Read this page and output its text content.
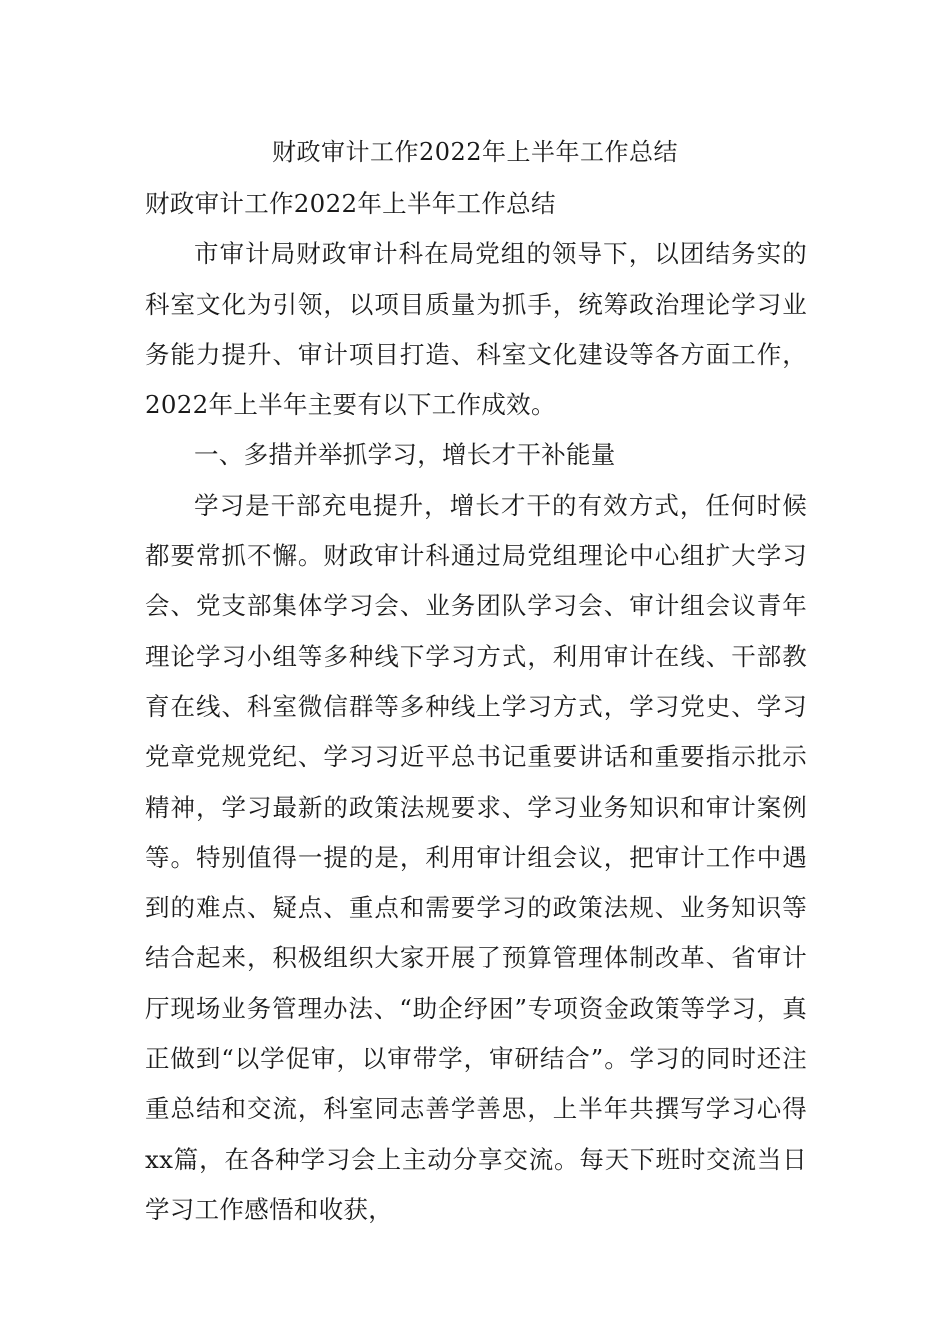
财政审计工作2022年上半年工作总结

财政审计工作2022年上半年工作总结

市审计局财政审计科在局党组的领导下，以团结务实的科室文化为引领，以项目质量为抓手，统筹政治理论学习业务能力提升、审计项目打造、科室文化建设等各方面工作，2022年上半年主要有以下工作成效。

一、多措并举抓学习，增长才干补能量

学习是干部充电提升，增长才干的有效方式，任何时候都要常抓不懈。财政审计科通过局党组理论中心组扩大学习会、党支部集体学习会、业务团队学习会、审计组会议青年理论学习小组等多种线下学习方式，利用审计在线、干部教育在线、科室微信群等多种线上学习方式，学习党史、学习党章党规党纪、学习习近平总书记重要讲话和重要指示批示精神，学习最新的政策法规要求、学习业务知识和审计案例等。特别值得一提的是，利用审计组会议，把审计工作中遇到的难点、疑点、重点和需要学习的政策法规、业务知识等结合起来，积极组织大家开展了预算管理体制改革、省审计厅现场业务管理办法、“助企纾困”专项资金政策等学习，真正做到“以学促审，以审带学，审研结合”。学习的同时还注重总结和交流，科室同志善学善思，上半年共撰写学习心得xx篇，在各种学习会上主动分享交流。每天下班时交流当日学习工作感悟和收获，
